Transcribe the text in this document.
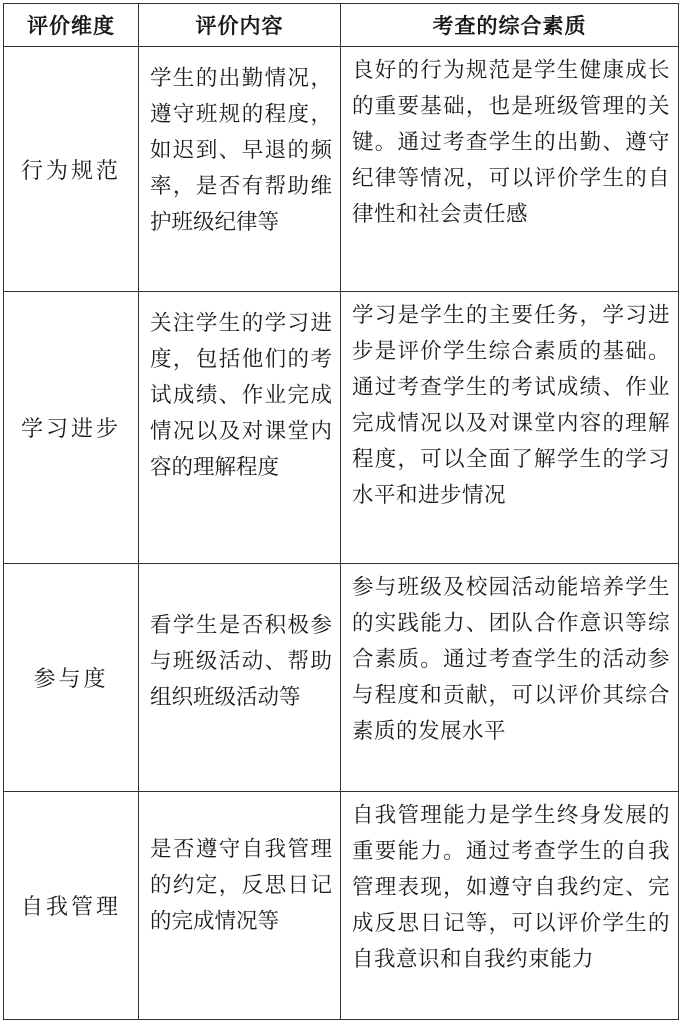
评价维度	评价内容	考查的综合素质
行为规范	学生的出勤情况，遵守班规的程度，如迟到、早退的频率，是否有帮助维护班级纪律等	良好的行为规范是学生健康成长的重要基础，也是班级管理的关键。通过考查学生的出勤、遵守纪律等情况，可以评价学生的自律性和社会责任感
学习进步	关注学生的学习进度，包括他们的考试成绩、作业完成情况以及对课堂内容的理解程度	学习是学生的主要任务，学习进步是评价学生综合素质的基础。通过考查学生的考试成绩、作业完成情况以及对课堂内容的理解程度，可以全面了解学生的学习水平和进步情况
参与度	看学生是否积极参与班级活动、帮助组织班级活动等	参与班级及校园活动能培养学生的实践能力、团队合作意识等综合素质。通过考查学生的活动参与程度和贡献，可以评价其综合素质的发展水平
自我管理	是否遵守自我管理的约定，反思日记的完成情况等	自我管理能力是学生终身发展的重要能力。通过考查学生的自我管理表现，如遵守自我约定、完成反思日记等，可以评价学生的自我意识和自我约束能力
